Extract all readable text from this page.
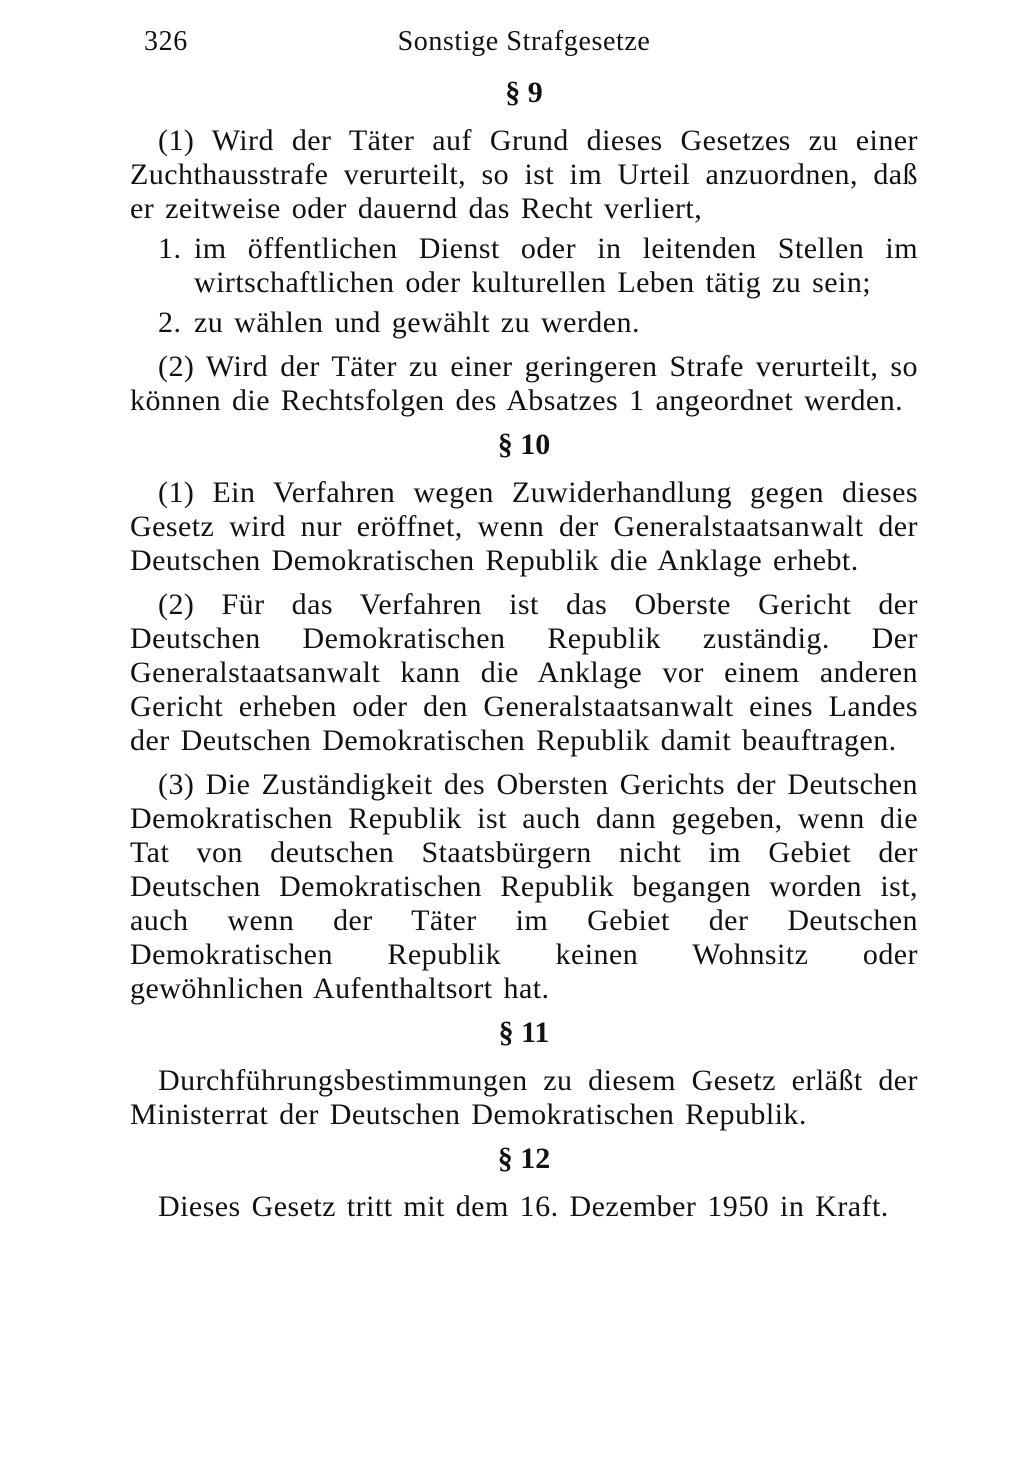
326	Sonstige Strafgesetze
§ 9

(1) Wird der Täter auf Grund dieses Gesetzes zu einer Zuchthausstrafe verurteilt, so ist im Urteil anzuordnen, daß er zeitweise oder dauernd das Recht verliert,

1. im öffentlichen Dienst oder in leitenden Stellen im wirtschaftlichen oder kulturellen Leben tätig zu sein;
2. zu wählen und gewählt zu werden.

(2) Wird der Täter zu einer geringeren Strafe verurteilt, so können die Rechtsfolgen des Absatzes 1 angeordnet werden.

§ 10

(1) Ein Verfahren wegen Zuwiderhandlung gegen dieses Gesetz wird nur eröffnet, wenn der Generalstaatsanwalt der Deutschen Demokratischen Republik die Anklage erhebt.

(2) Für das Verfahren ist das Oberste Gericht der Deutschen Demokratischen Republik zuständig. Der Generalstaatsanwalt kann die Anklage vor einem anderen Gericht erheben oder den Generalstaatsanwalt eines Landes der Deutschen Demokratischen Republik damit beauftragen.

(3) Die Zuständigkeit des Obersten Gerichts der Deutschen Demokratischen Republik ist auch dann gegeben, wenn die Tat von deutschen Staatsbürgern nicht im Gebiet der Deutschen Demokratischen Republik begangen worden ist, auch wenn der Täter im Gebiet der Deutschen Demokratischen Republik keinen Wohnsitz oder gewöhnlichen Aufenthaltsort hat.

§ 11

Durchführungsbestimmungen zu diesem Gesetz erläßt der Ministerrat der Deutschen Demokratischen Republik.

§ 12

Dieses Gesetz tritt mit dem 16. Dezember 1950 in Kraft.
